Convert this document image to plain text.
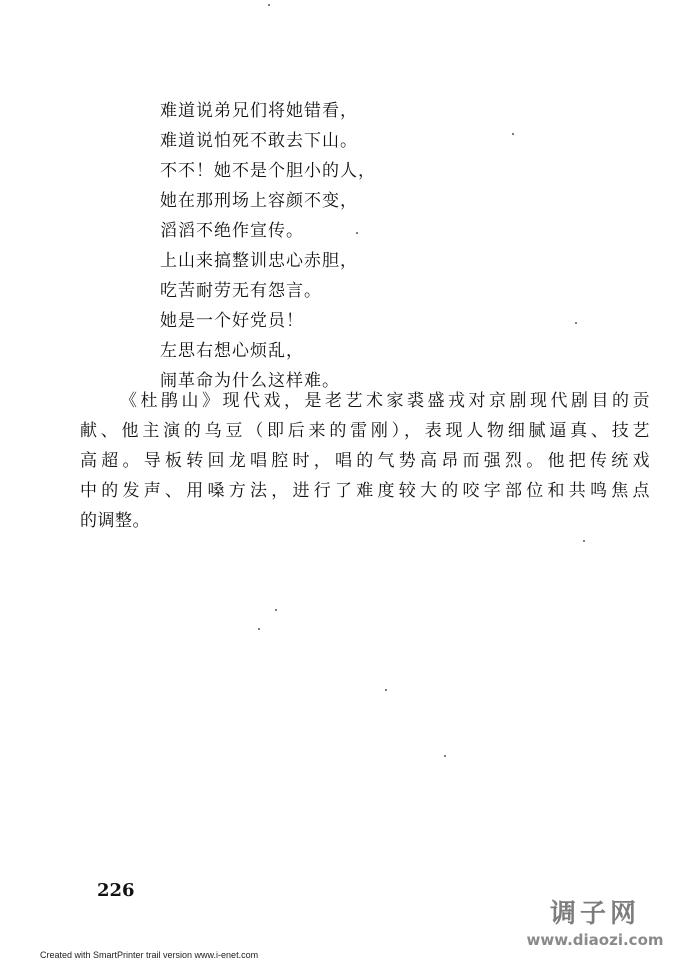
难道说弟兄们将她错看，
难道说怕死不敢去下山。
不不！她不是个胆小的人，
她在那刑场上容颜不变，
滔滔不绝作宣传。
上山来搞整训忠心赤胆，
吃苦耐劳无有怨言。
她是一个好党员！
左思右想心烦乱，
闹革命为什么这样难。
《杜鹃山》现代戏，是老艺术家裘盛戎对京剧现代剧目的贡
献、他主演的乌豆（即后来的雷刚），表现人物细腻逼真、技艺
高超。导板转回龙唱腔时，唱的气势高昂而强烈。他把传统戏
中的发声、用嗓方法，进行了难度较大的咬字部位和共鸣焦点
的调整。
226
调子网
www.diaozi.com
Created with SmartPrinter trail version www.i-enet.com
